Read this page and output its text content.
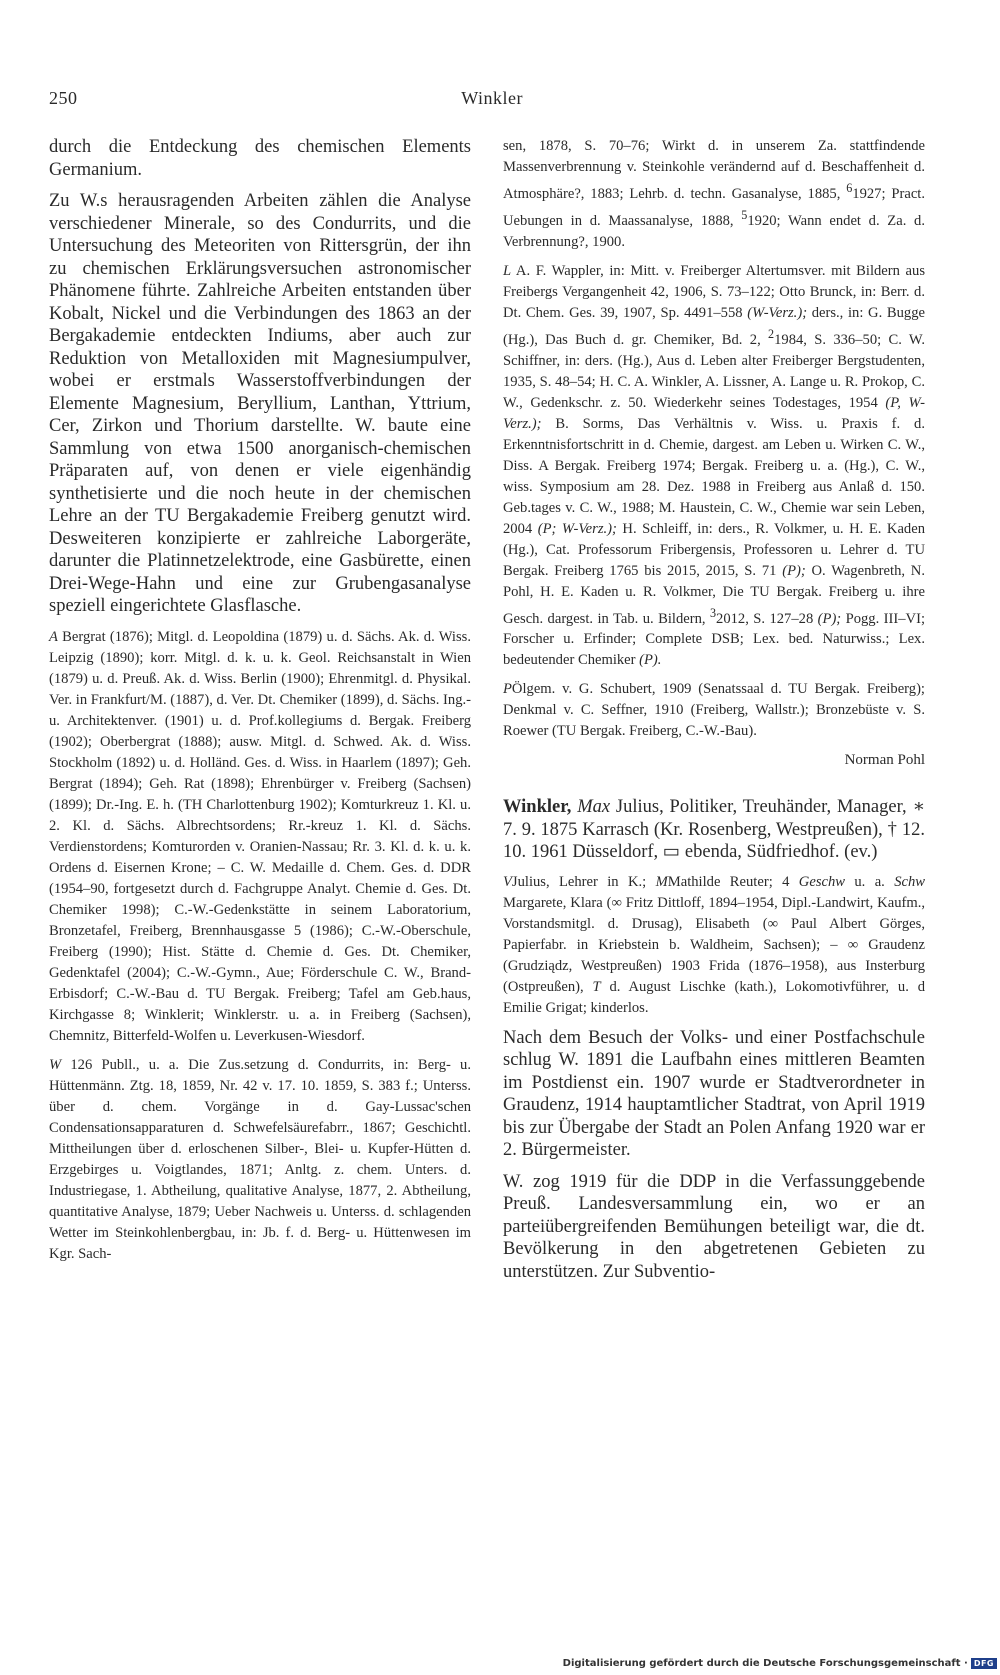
250	Winkler

durch die Entdeckung des chemischen Elements Germanium.

Zu W.s herausragenden Arbeiten zählen die Analyse verschiedener Minerale, so des Condurrits, und die Untersuchung des Meteoriten von Rittersgrün, der ihn zu chemischen Erklärungsversuchen astronomischer Phänomene führte. Zahlreiche Arbeiten entstanden über Kobalt, Nickel und die Verbindungen des 1863 an der Bergakademie entdeckten Indiums, aber auch zur Reduktion von Metalloxiden mit Magnesiumpulver, wobei er erstmals Wasserstoffverbindungen der Elemente Magnesium, Beryllium, Lanthan, Yttrium, Cer, Zirkon und Thorium darstellte. W. baute eine Sammlung von etwa 1500 anorganisch-chemischen Präparaten auf, von denen er viele eigenhändig synthetisierte und die noch heute in der chemischen Lehre an der TU Bergakademie Freiberg genutzt wird. Desweiteren konzipierte er zahlreiche Laborgeräte, darunter die Platinnetzelektrode, eine Gasbürette, einen Drei-Wege-Hahn und eine zur Grubengasanalyse speziell eingerichtete Glasflasche.

A Bergrat (1876); Mitgl. d. Leopoldina (1879) u. d. Sächs. Ak. d. Wiss. Leipzig (1890); korr. Mitgl. d. k. u. k. Geol. Reichsanstalt in Wien (1879) u. d. Preuß. Ak. d. Wiss. Berlin (1900); Ehrenmitgl. d. Physikal. Ver. in Frankfurt/M. (1887), d. Ver. Dt. Chemiker (1899), d. Sächs. Ing.- u. Architektenver. (1901) u. d. Prof.kollegiums d. Bergak. Freiberg (1902); Oberbergrat (1888); ausw. Mitgl. d. Schwed. Ak. d. Wiss. Stockholm (1892) u. d. Holländ. Ges. d. Wiss. in Haarlem (1897); Geh. Bergrat (1894); Geh. Rat (1898); Ehrenbürger v. Freiberg (Sachsen) (1899); Dr.-Ing. E. h. (TH Charlottenburg 1902); Komturkreuz 1. Kl. u. 2. Kl. d. Sächs. Albrechtsordens; Rr.-kreuz 1. Kl. d. Sächs. Verdienstordens; Komturorden v. Oranien-Nassau; Rr. 3. Kl. d. k. u. k. Ordens d. Eisernen Krone; – C. W. Medaille d. Chem. Ges. d. DDR (1954–90, fortgesetzt durch d. Fachgruppe Analyt. Chemie d. Ges. Dt. Chemiker 1998); C.-W.-Gedenkstätte in seinem Laboratorium, Bronzetafel, Freiberg, Brennhausgasse 5 (1986); C.-W.-Oberschule, Freiberg (1990); Hist. Stätte d. Chemie d. Ges. Dt. Chemiker, Gedenktafel (2004); C.-W.-Gymn., Aue; Förderschule C. W., Brand-Erbisdorf; C.-W.-Bau d. TU Bergak. Freiberg; Tafel am Geb.haus, Kirchgasse 8; Winklerit; Winklerstr. u. a. in Freiberg (Sachsen), Chemnitz, Bitterfeld-Wolfen u. Leverkusen-Wiesdorf.

W 126 Publl., u. a. Die Zus.setzung d. Condurrits, in: Berg- u. Hüttenmänn. Ztg. 18, 1859, Nr. 42 v. 17. 10. 1859, S. 383 f.; Unterss. über d. chem. Vorgänge in d. Gay-Lussac'schen Condensationsapparaturen d. Schwefelsäurefabrr., 1867; Geschichtl. Mittheilungen über d. erloschenen Silber-, Blei- u. Kupfer-Hütten d. Erzgebirges u. Voigtlandes, 1871; Anltg. z. chem. Unters. d. Industriegase, 1. Abtheilung, qualitative Analyse, 1877, 2. Abtheilung, quantitative Analyse, 1879; Ueber Nachweis u. Unterss. d. schlagenden Wetter im Steinkohlenbergbau, in: Jb. f. d. Berg- u. Hüttenwesen im Kgr. Sach-

sen, 1878, S. 70–76; Wirkt d. in unserem Za. stattfindende Massenverbrennung v. Steinkohle verändernd auf d. Beschaffenheit d. Atmosphäre?, 1883; Lehrb. d. techn. Gasanalyse, 1885, $^6$1927; Pract. Uebungen in d. Maassanalyse, 1888, $^5$1920; Wann endet d. Za. d. Verbrennung?, 1900.

L A. F. Wappler, in: Mitt. v. Freiberger Altertumsver. mit Bildern aus Freibergs Vergangenheit 42, 1906, S. 73–122; Otto Brunck, in: Berr. d. Dt. Chem. Ges. 39, 1907, Sp. 4491–558 (W-Verz.); ders., in: G. Bugge (Hg.), Das Buch d. gr. Chemiker, Bd. 2, $^2$1984, S. 336–50; C. W. Schiffner, in: ders. (Hg.), Aus d. Leben alter Freiberger Bergstudenten, 1935, S. 48–54; H. C. A. Winkler, A. Lissner, A. Lange u. R. Prokop, C. W., Gedenkschr. z. 50. Wiederkehr seines Todestages, 1954 (P, W-Verz.); B. Sorms, Das Verhältnis v. Wiss. u. Praxis f. d. Erkenntnisfortschritt in d. Chemie, dargest. am Leben u. Wirken C. W., Diss. A Bergak. Freiberg 1974; Bergak. Freiberg u. a. (Hg.), C. W., wiss. Symposium am 28. Dez. 1988 in Freiberg aus Anlaß d. 150. Geb.tages v. C. W., 1988; M. Haustein, C. W., Chemie war sein Leben, 2004 (P; W-Verz.); H. Schleiff, in: ders., R. Volkmer, u. H. E. Kaden (Hg.), Cat. Professorum Fribergensis, Professoren u. Lehrer d. TU Bergak. Freiberg 1765 bis 2015, 2015, S. 71 (P); O. Wagenbreth, N. Pohl, H. E. Kaden u. R. Volkmer, Die TU Bergak. Freiberg u. ihre Gesch. dargest. in Tab. u. Bildern, $^3$2012, S. 127–28 (P); Pogg. III–VI; Forscher u. Erfinder; Complete DSB; Lex. bed. Naturwiss.; Lex. bedeutender Chemiker (P).

PÖlgem. v. G. Schubert, 1909 (Senatssaal d. TU Bergak. Freiberg); Denkmal v. C. Seffner, 1910 (Freiberg, Wallstr.); Bronzebüste v. S. Roewer (TU Bergak. Freiberg, C.-W.-Bau).

Norman Pohl

Winkler, Max Julius, Politiker, Treuhänder, Manager, ∗ 7. 9. 1875 Karrasch (Kr. Rosenberg, Westpreußen), † 12. 10. 1961 Düsseldorf, ▭ ebenda, Südfriedhof. (ev.)

VJulius, Lehrer in K.; MMathilde Reuter; 4 Geschw u. a. Schw Margarete, Klara (∞ Fritz Dittloff, 1894–1954, Dipl.-Landwirt, Kaufm., Vorstandsmitgl. d. Drusag), Elisabeth (∞ Paul Albert Görges, Papierfabr. in Kriebstein b. Waldheim, Sachsen); – ∞ Graudenz (Grudziądz, Westpreußen) 1903 Frida (1876–1958), aus Insterburg (Ostpreußen), T d. August Lischke (kath.), Lokomotivführer, u. d Emilie Grigat; kinderlos.

Nach dem Besuch der Volks- und einer Postfachschule schlug W. 1891 die Laufbahn eines mittleren Beamten im Postdienst ein. 1907 wurde er Stadtverordneter in Graudenz, 1914 hauptamtlicher Stadtrat, von April 1919 bis zur Übergabe der Stadt an Polen Anfang 1920 war er 2. Bürgermeister.

W. zog 1919 für die DDP in die Verfassunggebende Preuß. Landesversammlung ein, wo er an parteiübergreifenden Bemühungen beteiligt war, die dt. Bevölkerung in den abgetretenen Gebieten zu unterstützen. Zur Subventio-

Digitalisierung gefördert durch die Deutsche Forschungsgemeinschaft · DFG
